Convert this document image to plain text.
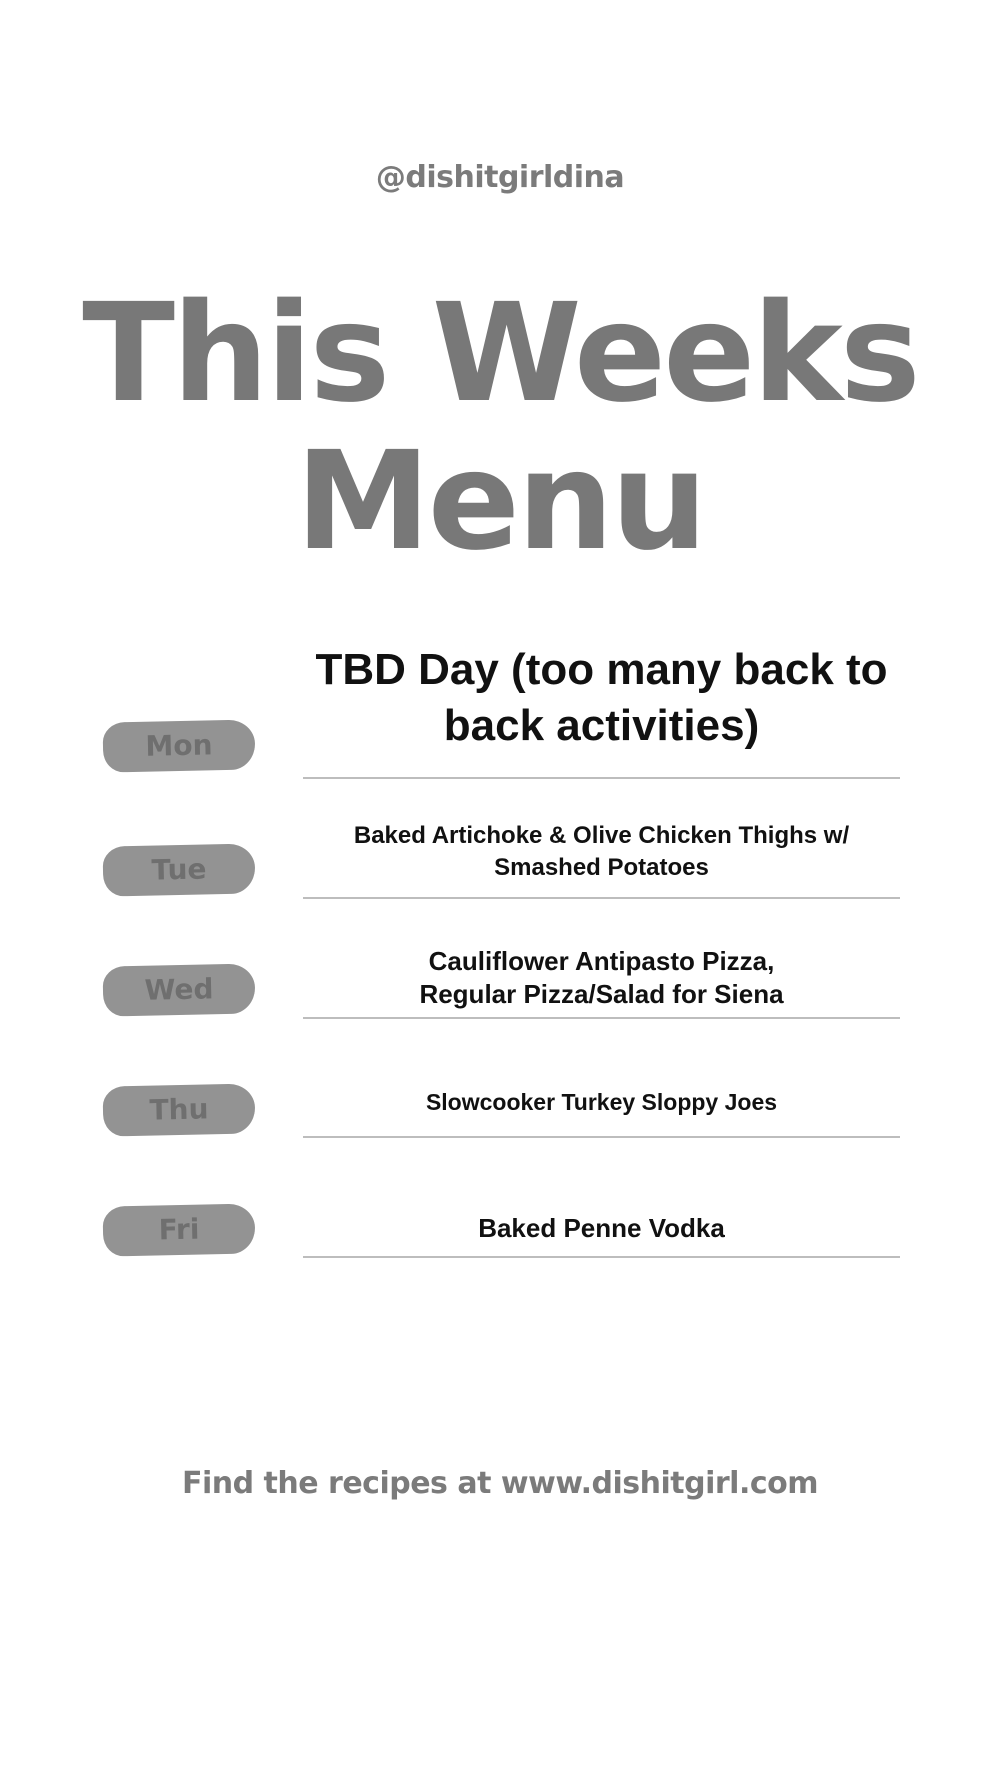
@dishitgirldina
This Weeks
Menu
Mon
TBD Day (too many back to
back activities)
Tue
Baked Artichoke & Olive Chicken Thighs w/
Smashed Potatoes
Wed
Cauliflower Antipasto Pizza,
Regular Pizza/Salad for Siena
Thu	Slowcooker Turkey Sloppy Joes
Fri	Baked Penne Vodka
Find the recipes at www.dishitgirl.com
